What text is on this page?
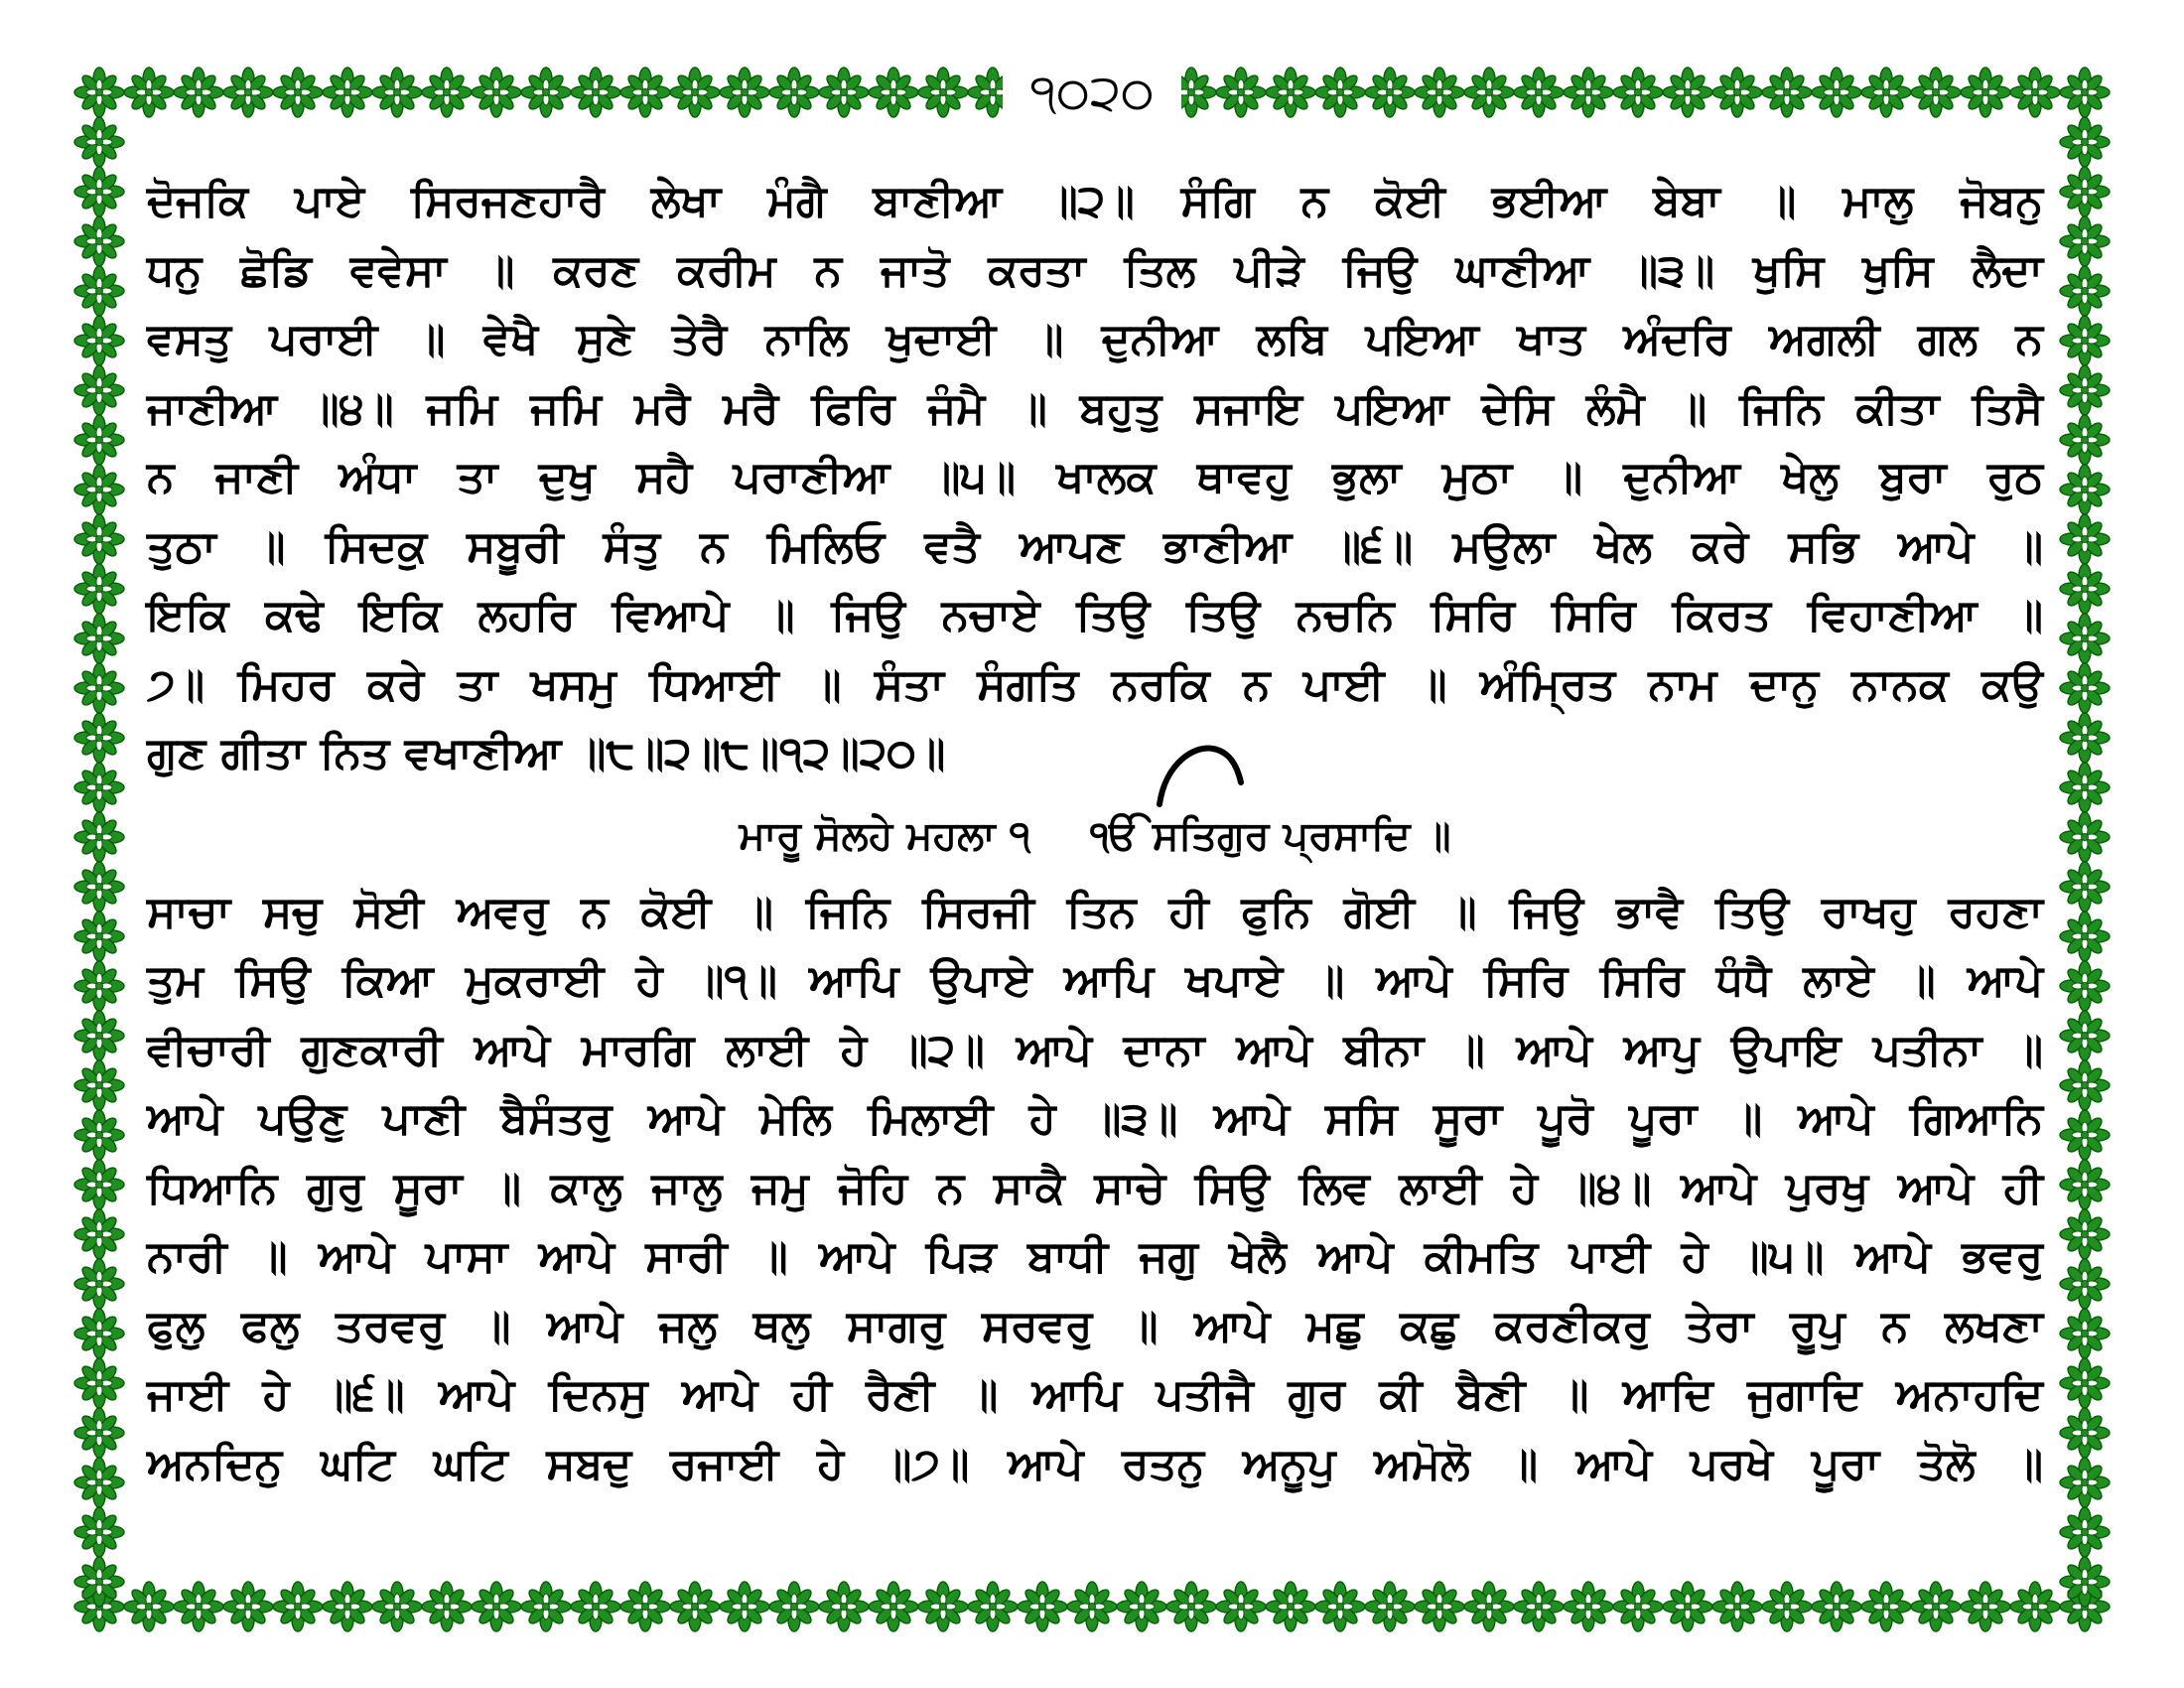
੧੦੨੦
ਦੋਜਕਿ ਪਾਏ ਸਿਰਜਣਹਾਰੈ ਲੇਖਾ ਮੰਗੈ ਬਾਣੀਆ ॥੨॥ ਸੰਗਿ ਨ ਕੋਈ ਭਈਆ ਬੇਬਾ ॥ ਮਾਲੁ ਜੋਬਨੁ
ਧਨੁ ਛੋਡਿ ਵਵੇਸਾ ॥ ਕਰਣ ਕਰੀਮ ਨ ਜਾਤੋ ਕਰਤਾ ਤਿਲ ਪੀੜੇ ਜਿਉ ਘਾਣੀਆ ॥੩॥ ਖੁਸਿ ਖੁਸਿ ਲੈਦਾ
ਵਸਤੁ ਪਰਾਈ ॥ ਵੇਖੈ ਸੁਣੇ ਤੇਰੈ ਨਾਲਿ ਖੁਦਾਈ ॥ ਦੁਨੀਆ ਲਬਿ ਪਇਆ ਖਾਤ ਅੰਦਰਿ ਅਗਲੀ ਗਲ ਨ
ਜਾਣੀਆ ॥੪॥ ਜਮਿ ਜਮਿ ਮਰੈ ਮਰੈ ਫਿਰਿ ਜੰਮੈ ॥ ਬਹੁਤੁ ਸਜਾਇ ਪਇਆ ਦੇਸਿ ਲੰਮੈ ॥ ਜਿਨਿ ਕੀਤਾ ਤਿਸੈ
ਨ ਜਾਣੀ ਅੰਧਾ ਤਾ ਦੁਖੁ ਸਹੈ ਪਰਾਣੀਆ ॥੫॥ ਖਾਲਕ ਥਾਵਹੁ ਭੁਲਾ ਮੁਠਾ ॥ ਦੁਨੀਆ ਖੇਲੁ ਬੁਰਾ ਰੁਠ
ਤੁਠਾ ॥ ਸਿਦਕੁ ਸਬੂਰੀ ਸੰਤੁ ਨ ਮਿਲਿਓ ਵਤੈ ਆਪਣ ਭਾਣੀਆ ॥੬॥ ਮਉਲਾ ਖੇਲ ਕਰੇ ਸਭਿ ਆਪੇ ॥
ਇਕਿ ਕਢੇ ਇਕਿ ਲਹਰਿ ਵਿਆਪੇ ॥ ਜਿਉ ਨਚਾਏ ਤਿਉ ਤਿਉ ਨਚਨਿ ਸਿਰਿ ਸਿਰਿ ਕਿਰਤ ਵਿਹਾਣੀਆ ॥
੭॥ ਮਿਹਰ ਕਰੇ ਤਾ ਖਸਮੁ ਧਿਆਈ ॥ ਸੰਤਾ ਸੰਗਤਿ ਨਰਕਿ ਨ ਪਾਈ ॥ ਅੰਮ੍ਰਿਤ ਨਾਮ ਦਾਨੁ ਨਾਨਕ ਕਉ
ਗੁਣ ਗੀਤਾ ਨਿਤ ਵਖਾਣੀਆ ॥੮॥੨॥੮॥੧੨॥੨੦॥
ਮਾਰੂ ਸੋਲਹੇ ਮਹਲਾ ੧ ੴ ਸਤਿਗੁਰ ਪ੍ਰਸਾਦਿ ॥
ਸਾਚਾ ਸਚੁ ਸੋਈ ਅਵਰੁ ਨ ਕੋਈ ॥ ਜਿਨਿ ਸਿਰਜੀ ਤਿਨ ਹੀ ਫੁਨਿ ਗੋਈ ॥ ਜਿਉ ਭਾਵੈ ਤਿਉ ਰਾਖਹੁ ਰਹਣਾ
ਤੁਮ ਸਿਉ ਕਿਆ ਮੁਕਰਾਈ ਹੇ ॥੧॥ ਆਪਿ ਉਪਾਏ ਆਪਿ ਖਪਾਏ ॥ ਆਪੇ ਸਿਰਿ ਸਿਰਿ ਧੰਧੈ ਲਾਏ ॥ ਆਪੇ
ਵੀਚਾਰੀ ਗੁਣਕਾਰੀ ਆਪੇ ਮਾਰਗਿ ਲਾਈ ਹੇ ॥੨॥ ਆਪੇ ਦਾਨਾ ਆਪੇ ਬੀਨਾ ॥ ਆਪੇ ਆਪੁ ਉਪਾਇ ਪਤੀਨਾ ॥
ਆਪੇ ਪਉਣੁ ਪਾਣੀ ਬੈਸੰਤਰੁ ਆਪੇ ਮੇਲਿ ਮਿਲਾਈ ਹੇ ॥੩॥ ਆਪੇ ਸਸਿ ਸੂਰਾ ਪੂਰੋ ਪੂਰਾ ॥ ਆਪੇ ਗਿਆਨਿ
ਧਿਆਨਿ ਗੁਰੁ ਸੂਰਾ ॥ ਕਾਲੁ ਜਾਲੁ ਜਮੁ ਜੋਹਿ ਨ ਸਾਕੈ ਸਾਚੇ ਸਿਉ ਲਿਵ ਲਾਈ ਹੇ ॥੪॥ ਆਪੇ ਪੁਰਖੁ ਆਪੇ ਹੀ
ਨਾਰੀ ॥ ਆਪੇ ਪਾਸਾ ਆਪੇ ਸਾਰੀ ॥ ਆਪੇ ਪਿੜ ਬਾਧੀ ਜਗੁ ਖੇਲੈ ਆਪੇ ਕੀਮਤਿ ਪਾਈ ਹੇ ॥੫॥ ਆਪੇ ਭਵਰੁ
ਫੁਲੁ ਫਲੁ ਤਰਵਰੁ ॥ ਆਪੇ ਜਲੁ ਥਲੁ ਸਾਗਰੁ ਸਰਵਰੁ ॥ ਆਪੇ ਮਛੁ ਕਛੁ ਕਰਣੀਕਰੁ ਤੇਰਾ ਰੂਪੁ ਨ ਲਖਣਾ
ਜਾਈ ਹੇ ॥੬॥ ਆਪੇ ਦਿਨਸੁ ਆਪੇ ਹੀ ਰੈਣੀ ॥ ਆਪਿ ਪਤੀਜੈ ਗੁਰ ਕੀ ਬੈਣੀ ॥ ਆਦਿ ਜੁਗਾਦਿ ਅਨਾਹਦਿ
ਅਨਦਿਨੁ ਘਟਿ ਘਟਿ ਸਬਦੁ ਰਜਾਈ ਹੇ ॥੭॥ ਆਪੇ ਰਤਨੁ ਅਨੂਪੁ ਅਮੋਲੋ ॥ ਆਪੇ ਪਰਖੇ ਪੂਰਾ ਤੋਲੋ ॥
